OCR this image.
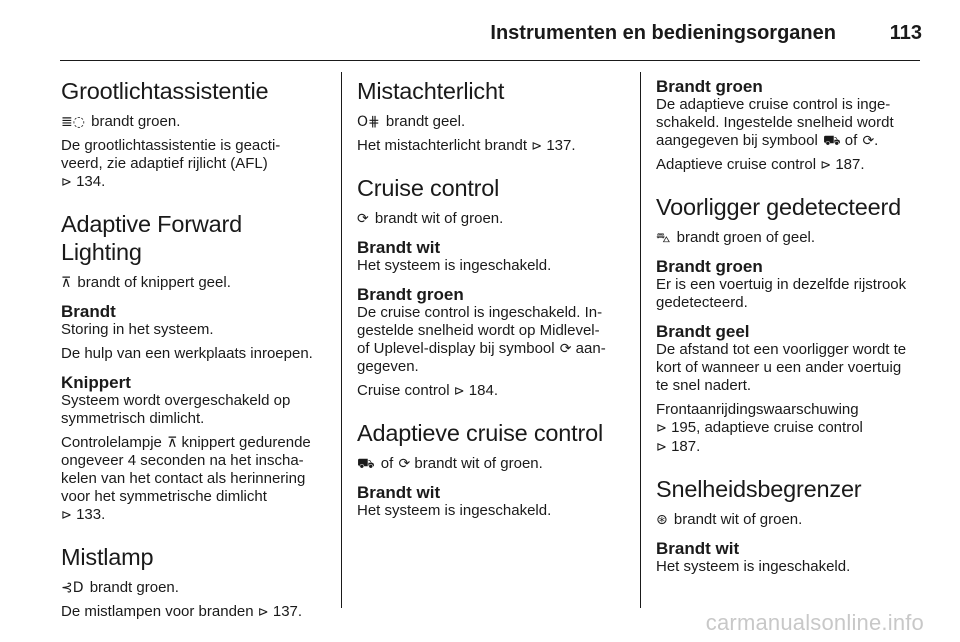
Instrumenten en bedieningsorganen	113
Grootlichtassistentie

≣◌ brandt groen.

De grootlichtassistentie is geacti-
veerd, zie adaptief rijlicht (AFL)
⊳ 134.

Adaptive Forward Lighting

⊼ brandt of knippert geel.

Brandt

Storing in het systeem.

De hulp van een werkplaats inroepen.

Knippert

Systeem wordt overgeschakeld op
symmetrisch dimlicht.

Controlelampje ⊼ knippert gedurende
ongeveer 4 seconden na het inscha-
kelen van het contact als herinnering
voor het symmetrische dimlicht
⊳ 133.

Mistlamp

⊰D brandt groen.

De mistlampen voor branden ⊳ 137.

Mistachterlicht

O⋕ brandt geel.

Het mistachterlicht brandt ⊳ 137.

Cruise control

⟳ brandt wit of groen.

Brandt wit

Het systeem is ingeschakeld.

Brandt groen

De cruise control is ingeschakeld. In-
gestelde snelheid wordt op Midlevel-
of Uplevel-display bij symbool ⟳ aan-
gegeven.

Cruise control ⊳ 184.

Adaptieve cruise control

⛟ of ⟳ brandt wit of groen.

Brandt wit

Het systeem is ingeschakeld.

Brandt groen

De adaptieve cruise control is inge-
schakeld. Ingestelde snelheid wordt
aangegeven bij symbool ⛟ of ⟳.

Adaptieve cruise control ⊳ 187.

Voorligger gedetecteerd

⛍ brandt groen of geel.

Brandt groen

Er is een voertuig in dezelfde rijstrook
gedetecteerd.

Brandt geel

De afstand tot een voorligger wordt te
kort of wanneer u een ander voertuig
te snel nadert.

Frontaanrijdingswaarschuwing
⊳ 195, adaptieve cruise control
⊳ 187.

Snelheidsbegrenzer

⊛ brandt wit of groen.

Brandt wit

Het systeem is ingeschakeld.

carmanualsonline.info
